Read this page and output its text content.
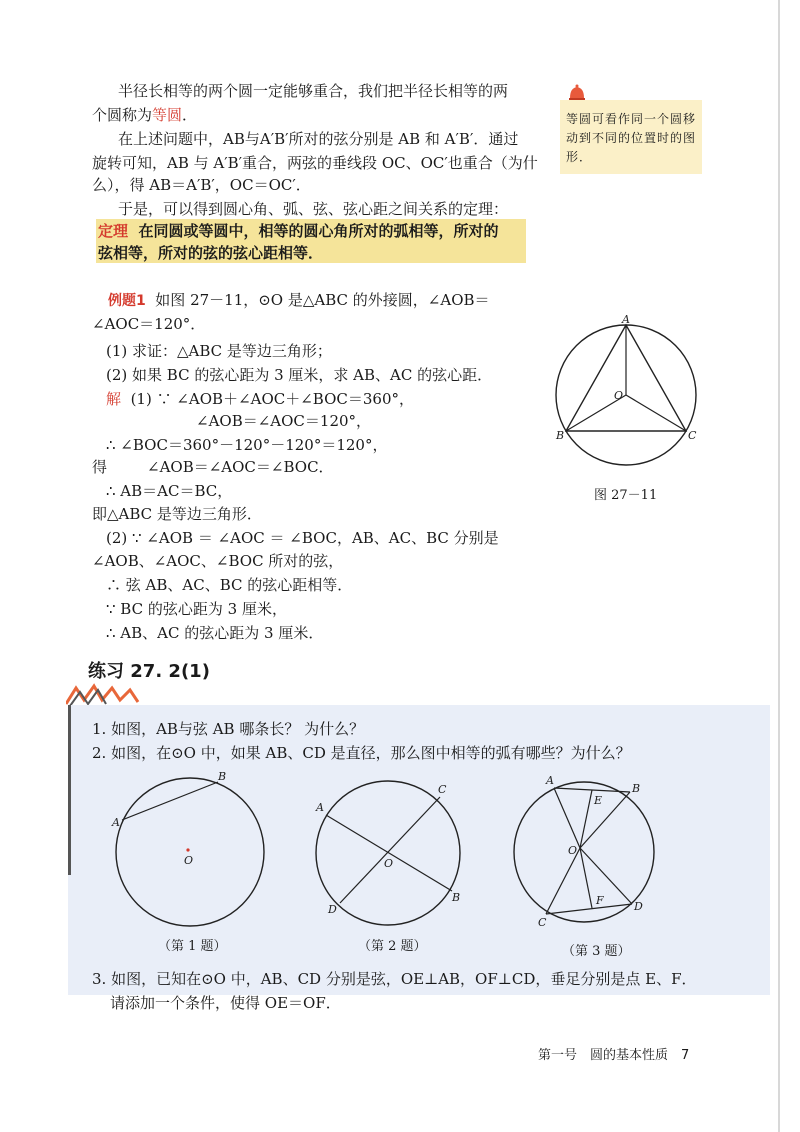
半径长相等的两个圆一定能够重合，我们把半径长相等的两
个圆称为等圆．
在上述问题中，AB与A′B′所对的弦分别是 AB 和 A′B′．通过
旋转可知，AB 与 A′B′重合，两弦的垂线段 OC、OC′也重合（为什
么），得 AB＝A′B′，OC＝OC′．
于是，可以得到圆心角、弧、弦、弦心距之间关系的定理：
定理 在同圆或等圆中，相等的圆心角所对的弧相等，所对的
弦相等，所对的弦的弦心距相等．
等圆可看作同一个圆移动到不同的位置时的图形．
例题1 如图 27－11，⊙O 是△ABC 的外接圆，∠AOB＝
∠AOC＝120°．
(1) 求证：△ABC 是等边三角形；
(2) 如果 BC 的弦心距为 3 厘米，求 AB、AC 的弦心距．
解 (1) ∵ ∠AOB＋∠AOC＋∠BOC＝360°，
∠AOB＝∠AOC＝120°，
∴ ∠BOC＝360°－120°－120°＝120°，
得	∠AOB＝∠AOC＝∠BOC．
∴ AB＝AC＝BC，
即△ABC 是等边三角形．
(2) ∵ ∠AOB ＝ ∠AOC ＝ ∠BOC，AB、AC、BC 分别是
∠AOB、∠AOC、∠BOC 所对的弦，
∴ 弦 AB、AC、BC 的弦心距相等．
∵ BC 的弦心距为 3 厘米，
∴ AB、AC 的弦心距为 3 厘米．
A
B	C
O
图 27－11
练习 27. 2(1)
1. 如图，AB与弦 AB 哪条长？ 为什么？
2. 如图，在⊙O 中，如果 AB、CD 是直径，那么图中相等的弧有哪些？为什么？
A
B
O
（第 1 题）
A
B
C
D
O
（第 2 题）
A
B
C
D
E
F
O
（第 3 题）
3. 如图，已知在⊙O 中，AB、CD 分别是弦，OE⊥AB，OF⊥CD，垂足分别是点 E、F．
请添加一个条件，使得 OE＝OF．
第一号　圆的基本性质　7
